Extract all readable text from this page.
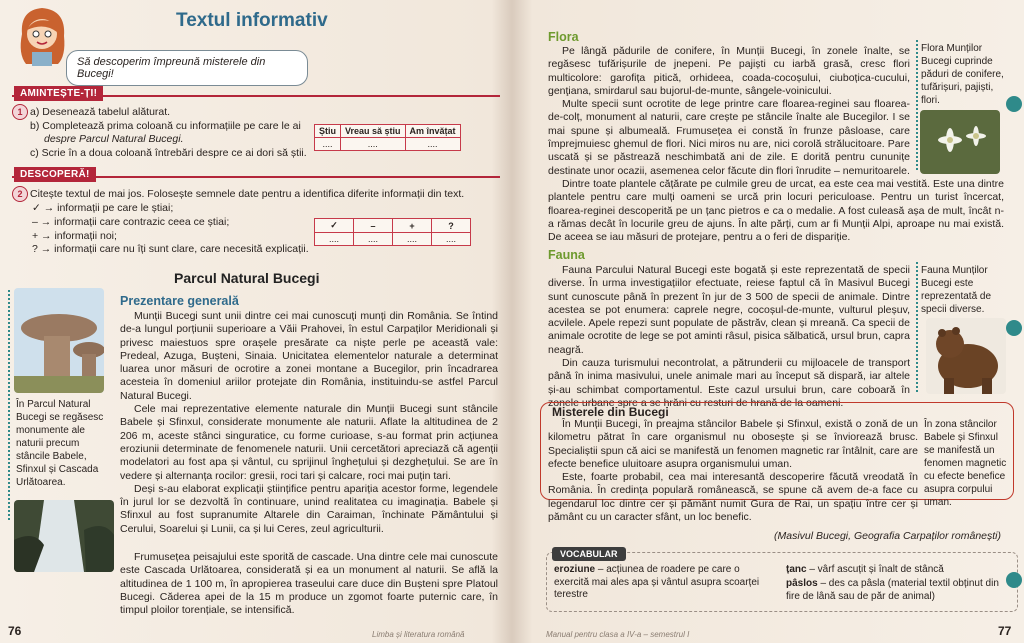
Textul informativ
Să descoperim împreună misterele din Bucegi!
AMINTEȘTE-ȚI!
1 a) Desenează tabelul alăturat.
b) Completează prima coloană cu informațiile pe care le ai
despre Parcul Natural Bucegi.
c) Scrie în a doua coloană întrebări despre ce ai dori să știi.
Știu	Vreau să știu	Am învățat
....	....	....
DESCOPERĂ!
2 Citește textul de mai jos. Folosește semnele date pentru a identifica diferite informații din text.
✓ → informații pe care le știai;
– → informații care contrazic ceea ce știai;
+ → informații noi;
? → informații care nu îți sunt clare, care necesită explicații.
✓	–	+	?
....	....	....	....
Parcul Natural Bucegi
În Parcul Natural Bucegi se regăsesc monumente ale naturii precum stâncile Babele, Sfinxul și Cascada Urlătoarea.
Prezentare generală

Munții Bucegi sunt unii dintre cei mai cunoscuți munți din România. Se întind de-a lungul porțiunii superioare a Văii Prahovei, în estul Carpaților Meridionali și privesc maiestuos spre orașele presărate ca niște perle pe această vale: Predeal, Azuga, Bușteni, Sinaia. Unicitatea elementelor naturale a determinat luarea unor măsuri de ocrotire a zonei montane a Bucegilor, prin încadrarea acesteia în domeniul ariilor protejate din România, instituindu-se astfel Parcul Natural Bucegi.

Cele mai reprezentative elemente naturale din Munții Bucegi sunt stâncile Babele și Sfinxul, considerate monumente ale naturii. Aflate la altitudinea de 2 206 m, aceste stânci singuratice, cu forme curioase, s-au format prin acțiunea eroziunii determinate de fenomenele naturii. Unii cercetători apreciază că agenții modelatori au fost apa și vântul, cu sprijinul înghețului și dezghețului. Se are în vedere și alternanța rocilor: gresii, roci tari și calcare, roci mai puțin tari.

Deși s-au elaborat explicații științifice pentru apariția acestor forme, legendele în jurul lor se dezvoltă în continuare, unind realitatea cu imaginația. Babele și Sfinxul au fost supranumite Altarele din Caraiman, închinate Pământului și Cerului, Soarelui și Lunii, ca și lui Ceres, zeul agriculturii.

Frumusețea peisajului este sporită de cascade. Una dintre cele mai cunoscute este Cascada Urlătoarea, considerată și ea un monument al naturii. Se află la altitudinea de 1 100 m, în apropierea traseului care duce din Bușteni spre Platoul Bucegi. Căderea apei de la 15 m produce un zgomot foarte puternic care, în timpul ploilor torențiale, se intensifică.

76	Limba și literatura română
Flora

Pe lângă pădurile de conifere, în Munții Bucegi, în zonele înalte, se regăsesc tufărișurile de jnepeni. Pe pajiști cu iarbă grasă, cresc flori multicolore: garofița pitică, orhideea, coada-cocoșului, ciuboțica-cucului, genţiana, smirdarul sau bujorul-de-munte, sângele-voinicului.

Multe specii sunt ocrotite de lege printre care floarea-reginei sau floarea-de-colț, monument al naturii, care crește pe stâncile înalte ale Bucegilor. I se mai spune și albumeală. Frumusețea ei constă în frunze pâsloase, care împrejmuiesc ghemul de flori. Nici miros nu are, nici corolă strălucitoare. Pare uscată și se păstrează neschimbată ani de zile. E dorită pentru cununițe destinate unor ocazii, asemenea celor făcute din flori înrudite – nemuritoarele.

Dintre toate plantele cățărate pe culmile greu de urcat, ea este cea mai vestită. Este una dintre plantele pentru care mulți oameni se urcă prin locuri periculoase. Pentru un turist încercat, floarea-reginei descoperită pe un țanc pietros e ca o medalie. A fost culeasă așa de mult, încât n-a rămas decât în locurile greu de ajuns. În alte părți, cum ar fi Munții Alpi, aproape nu mai există. De aceea se iau măsuri de protejare, pentru a o feri de dispariție.

Flora Munților Bucegi cuprinde păduri de conifere, tufărișuri, pajiști, flori.
Fauna

Fauna Parcului Natural Bucegi este bogată și este reprezentată de specii diverse. În urma investigațiilor efectuate, reiese faptul că în Masivul Bucegi sunt cunoscute până în prezent în jur de 3 500 de specii de animale. Dintre acestea se pot enumera: caprele negre, cocoșul-de-munte, vulturul pleșuv, acvilele. Apele repezi sunt populate de păstrăv, clean și mreană. Ca specii de animale ocrotite de lege se pot aminti râsul, pisica sălbatică, ursul brun, capra neagră.

Din cauza turismului necontrolat, a pătrunderii cu mijloacele de transport până în inima masivului, unele animale mari au început să dispară, iar altele și-au schimbat comportamentul. Este cazul ursului brun, care coboară în zonele urbane spre a se hrăni cu resturi de hrană de la oameni.

Fauna Munților Bucegi este reprezentată de specii diverse.
Misterele din Bucegi

În Munții Bucegi, în preajma stâncilor Babele și Sfinxul, există o zonă de un kilometru pătrat în care organismul nu obosește și se înviorează brusc. Specialiștii spun că aici se manifestă un fenomen magnetic rar întâlnit, care are efecte benefice uluitoare asupra organismului uman.

Este, foarte probabil, cea mai interesantă descoperire făcută vreodată în România. În credința populară românească, se spune că avem de-a face cu legendarul loc dintre cer și pământ numit Gura de Rai, un spațiu între cer și pământ cu un caracter sfânt, un loc benefic.

În zona stâncilor Babele și Sfinxul se manifestă un fenomen magnetic cu efecte benefice asupra corpului uman.
(Masivul Bucegi, Geografia Carpaților românești)
VOCABULAR
eroziune – acțiunea de roadere pe care o exercită mai ales apa și vântul asupra scoarței terestre
țanc – vârf ascuțit și înalt de stâncă
pâslos – des ca pâsla (material textil obținut din fire de lână sau de păr de animal)
Manual pentru clasa a IV-a – semestrul I	77
